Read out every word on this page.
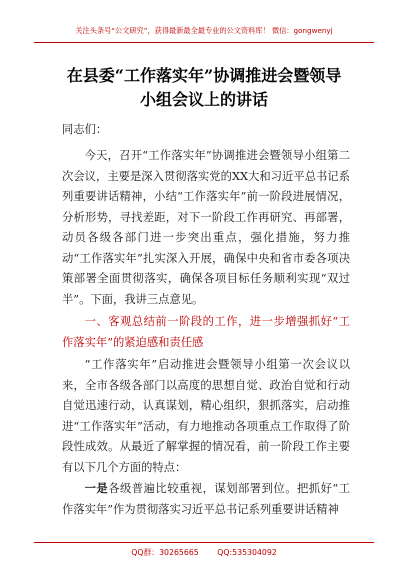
关注头条号“公文研究”，获得最新最全最专业的公文资料库！ 微信：gongwenyj
在县委“工作落实年”协调推进会暨领导
小组会议上的讲话
同志们：

今天，召开“工作落实年”协调推进会暨领导小组第二次会议，主要是深入贯彻落实党的XX大和习近平总书记系列重要讲话精神，小结“工作落实年”前一阶段进展情况，分析形势，寻找差距，对下一阶段工作再研究、再部署，动员各级各部门进一步突出重点，强化措施，努力推动“工作落实年”扎实深入开展，确保中央和省市委各项决策部署全面贯彻落实，确保各项目标任务顺利实现“双过半”。下面，我讲三点意见。

一、客观总结前一阶段的工作，进一步增强抓好“工作落实年”的紧迫感和责任感

“工作落实年”启动推进会暨领导小组第一次会议以来，全市各级各部门以高度的思想自觉、政治自觉和行动自觉迅速行动，认真谋划，精心组织，狠抓落实，启动推进“工作落实年”活动，有力地推动各项重点工作取得了阶段性成效。从最近了解掌握的情况看，前一阶段工作主要有以下几个方面的特点：

一是各级普遍比较重视，谋划部署到位。把抓好“工作落实年”作为贯彻落实习近平总书记系列重要讲话精神

QQ群：30265665 QQ:535304092
